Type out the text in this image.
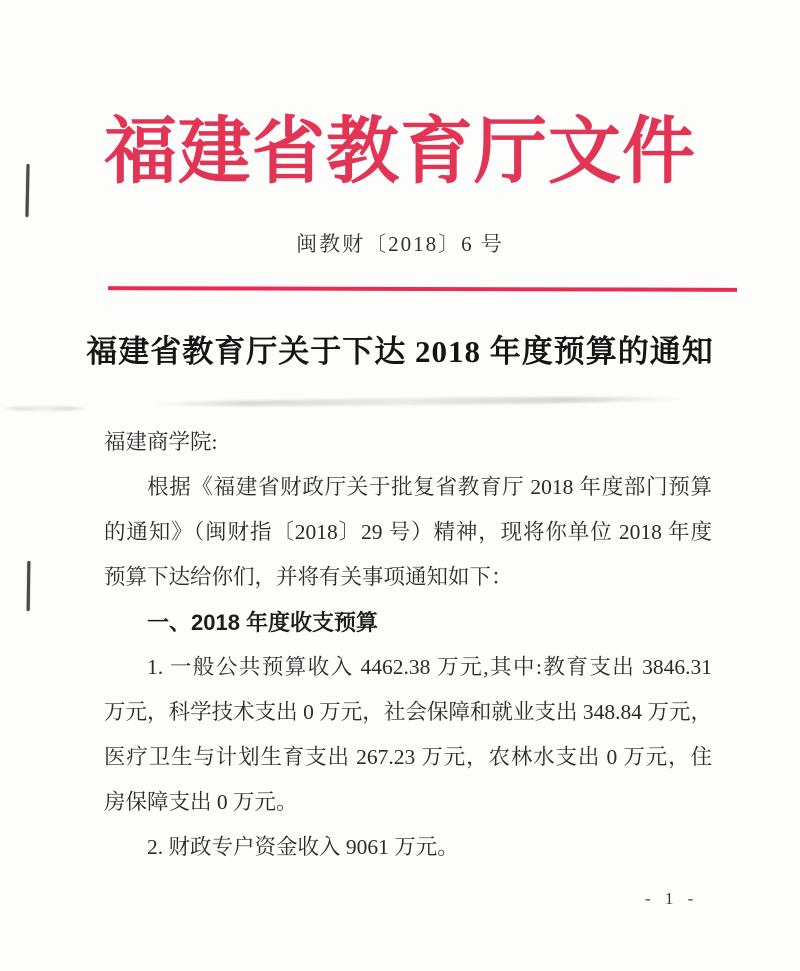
福建省教育厅文件
闽教财〔2018〕6 号
福建省教育厅关于下达 2018 年度预算的通知
福建商学院:
根据《福建省财政厅关于批复省教育厅 2018 年度部门预算
的通知》（闽财指〔2018〕29 号）精神，现将你单位 2018 年度
预算下达给你们，并将有关事项通知如下：
一、2018 年度收支预算
1. 一般公共预算收入 4462.38 万元,其中:教育支出 3846.31
万元，科学技术支出 0 万元，社会保障和就业支出 348.84 万元，
医疗卫生与计划生育支出 267.23 万元，农林水支出 0 万元，住
房保障支出 0 万元。
2. 财政专户资金收入 9061 万元。
- 1 -
